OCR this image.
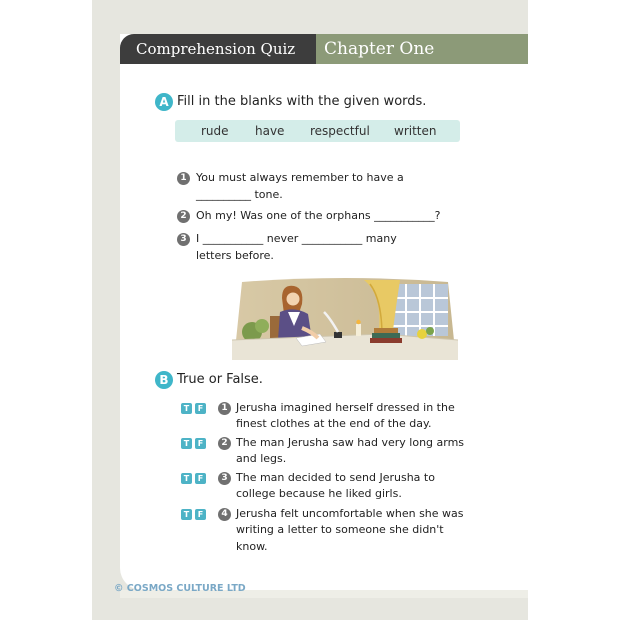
Comprehension Quiz Chapter One
A Fill in the blanks with the given words.
rude have respectful written
1 You must always remember to have a
__________ tone.
2 Oh my! Was one of the orphans ___________?
3 I ___________ never ___________ many
letters before.
B True or False.
T	F	1 Jerusha imagined herself dressed in the
finest clothes at the end of the day.
T	F	2 The man Jerusha saw had very long arms
and legs.
T	F	3 The man decided to send Jerusha to
college because he liked girls.
T	F	4 Jerusha felt uncomfortable when she was
writing a letter to someone she didn't
know.
© COSMOS CULTURE LTD
